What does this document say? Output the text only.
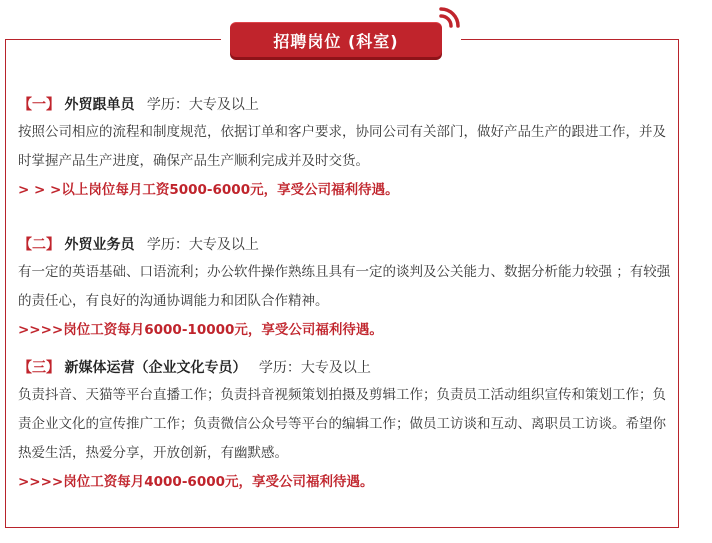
招聘岗位 (科室)
【一】 外贸跟单员 学历：大专及以上
按照公司相应的流程和制度规范，依据订单和客户要求，协同公司有关部门，做好产品生产的跟进工作，并及时掌握产品生产进度，确保产品生产顺利完成并及时交货。
> > >以上岗位每月工资5000-6000元，享受公司福利待遇。
【二】 外贸业务员 学历：大专及以上
有一定的英语基础、口语流利；办公软件操作熟练且具有一定的谈判及公关能力、数据分析能力较强 ；有较强的责任心，有良好的沟通协调能力和团队合作精神。
>>>>岗位工资每月6000-10000元，享受公司福利待遇。
【三】 新媒体运营（企业文化专员） 学历：大专及以上
负责抖音、天猫等平台直播工作；负责抖音视频策划拍摄及剪辑工作；负责员工活动组织宣传和策划工作；负责企业文化的宣传推广工作；负责微信公众号等平台的编辑工作；做员工访谈和互动、离职员工访谈。希望你热爱生活，热爱分享，开放创新，有幽默感。
>>>>岗位工资每月4000-6000元，享受公司福利待遇。
